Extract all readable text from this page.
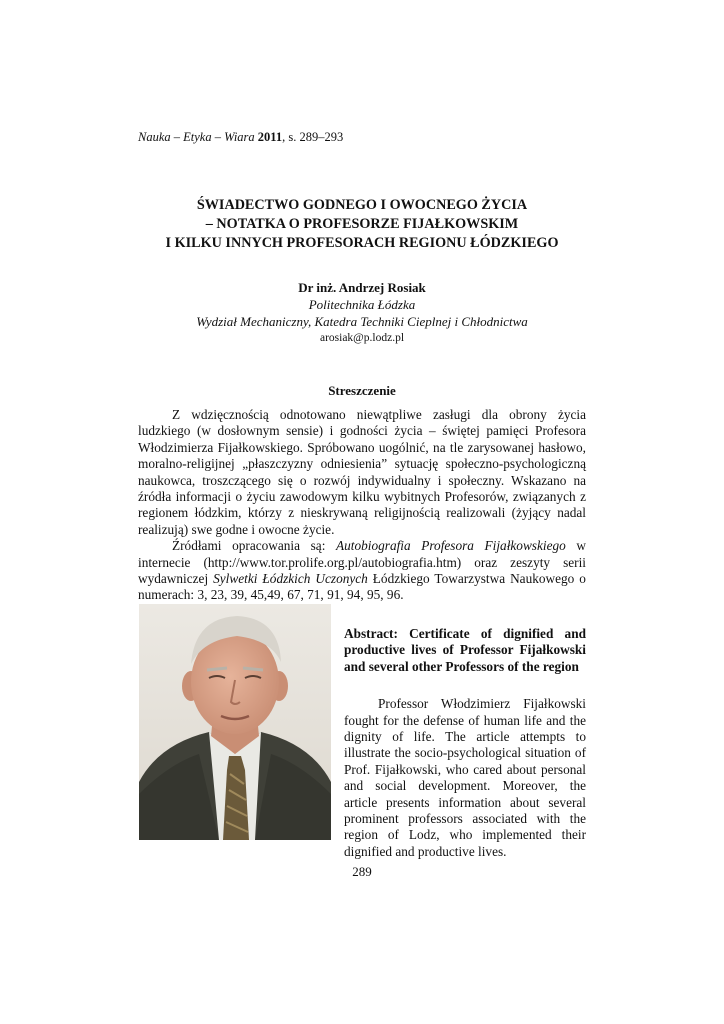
Nauka – Etyka – Wiara 2011, s. 289–293
ŚWIADECTWO GODNEGO I OWOCNEGO ŻYCIA
– NOTATKA O PROFESORZE FIJAŁKOWSKIM
I KILKU INNYCH PROFESORACH REGIONU ŁÓDZKIEGO
Dr inż. Andrzej Rosiak
Politechnika Łódzka
Wydział Mechaniczny, Katedra Techniki Cieplnej i Chłodnictwa
arosiak@p.lodz.pl
Streszczenie

Z wdzięcznością odnotowano niewątpliwe zasługi dla obrony życia ludzkiego (w dosłownym sensie) i godności życia – świętej pamięci Profesora Włodzimierza Fijałkowskiego. Spróbowano uogólnić, na tle zarysowanej hasłowo, moralno-religijnej „płaszczyzny odniesienia” sytuację społeczno-psychologiczną naukowca, troszczącego się o rozwój indywidualny i społeczny. Wskazano na źródła informacji o życiu zawodowym kilku wybitnych Profesorów, związanych z regionem łódzkim, którzy z nieskrywaną religijnością realizowali (żyjący nadal realizują) swe godne i owocne życie.

Źródłami opracowania są: Autobiografia Profesora Fijałkowskiego w internecie (http://www.tor.prolife.org.pl/autobiografia.htm) oraz zeszyty serii wydawniczej Sylwetki Łódzkich Uczonych Łódzkiego Towarzystwa Naukowego o numerach: 3, 23, 39, 45,49, 67, 71, 91, 94, 95, 96.

Abstract: Certificate of dignified and productive lives of Professor Fijałkowski and several other Professors of the region

Professor Włodzimierz Fijałkowski fought for the defense of human life and the dignity of life. The article attempts to illustrate the socio-psychological situation of Prof. Fijałkowski, who cared about personal and social development. Moreover, the article presents information about several prominent professors associated with the region of Lodz, who implemented their dignified and productive lives.

289
